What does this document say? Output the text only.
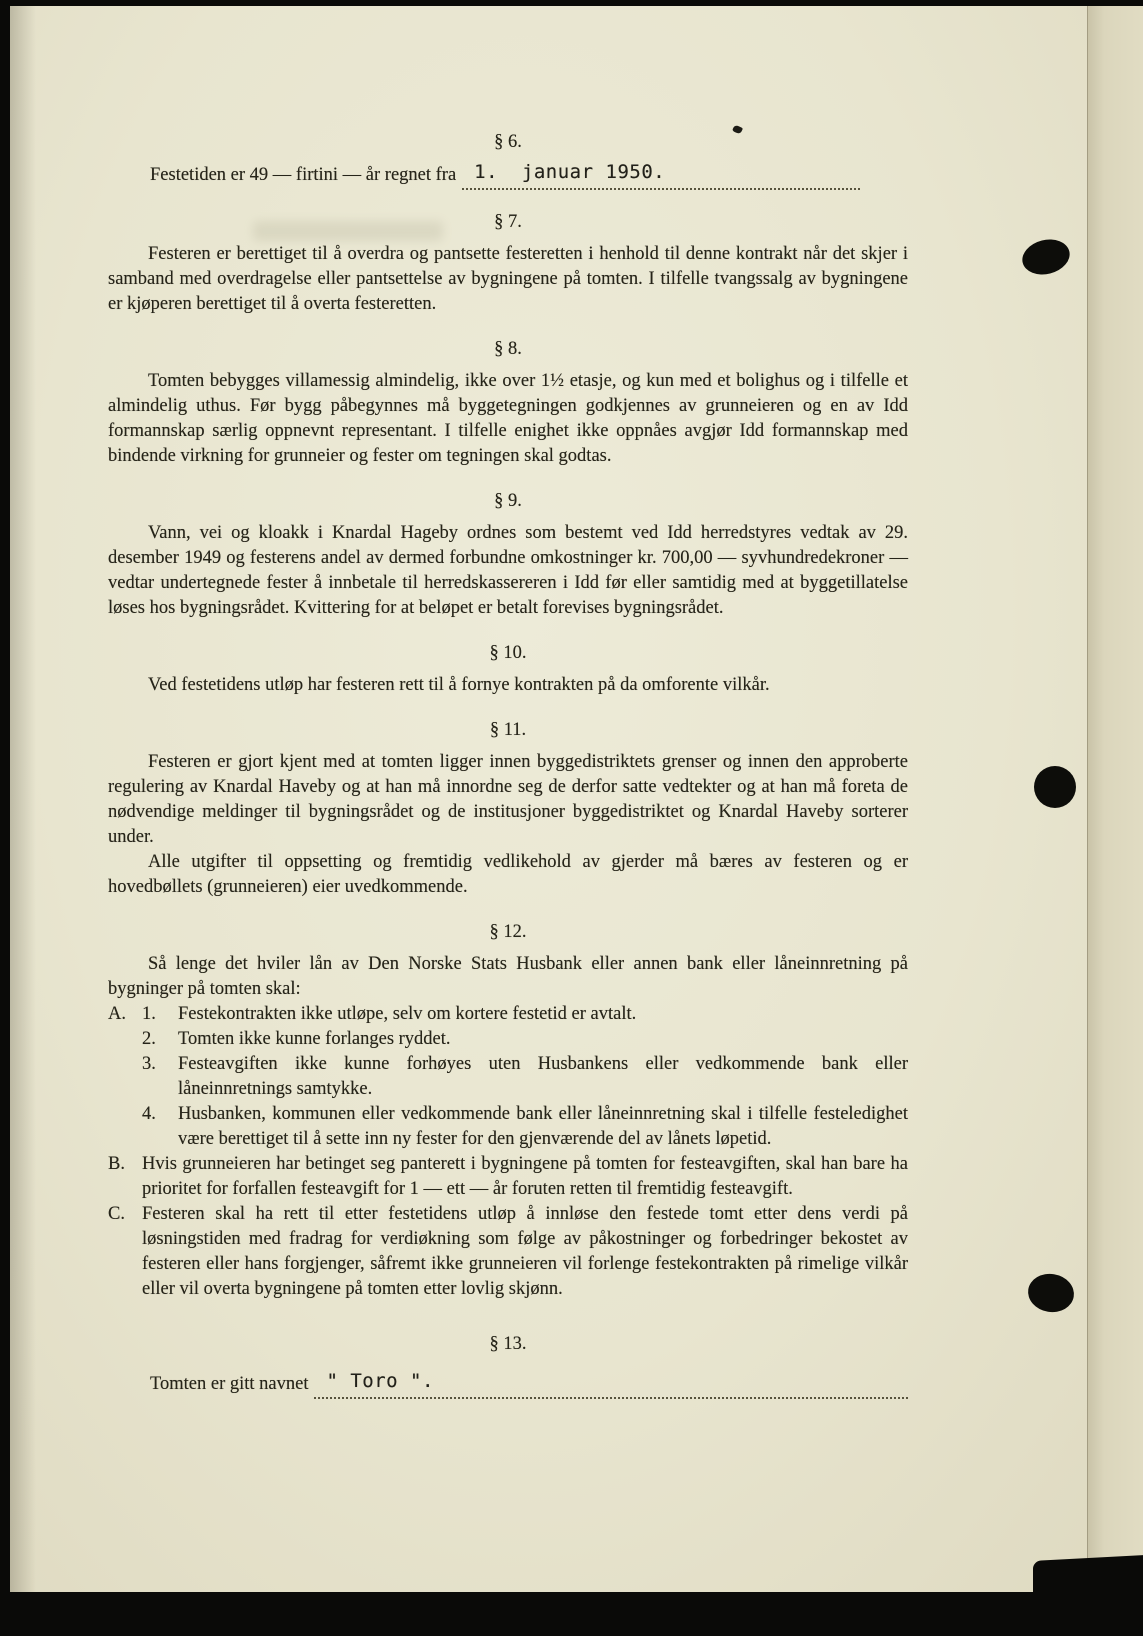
§ 6.
Festetiden er 49 — firtini — år regnet fra 1.  januar 1950.
§ 7.

Festeren er berettiget til å overdra og pantsette festeretten i henhold til denne kontrakt når det skjer i samband med overdragelse eller pantsettelse av bygningene på tomten. I tilfelle tvangssalg av bygningene er kjøperen berettiget til å overta festeretten.

§ 8.

Tomten bebygges villamessig almindelig, ikke over 1½ etasje, og kun med et bolighus og i tilfelle et almindelig uthus. Før bygg påbegynnes må byggetegningen godkjennes av grunneieren og en av Idd formannskap særlig oppnevnt representant. I tilfelle enighet ikke oppnåes avgjør Idd formannskap med bindende virkning for grunneier og fester om tegningen skal godtas.

§ 9.

Vann, vei og kloakk i Knardal Hageby ordnes som bestemt ved Idd herredstyres vedtak av 29. desember 1949 og festerens andel av dermed forbundne omkostninger kr. 700,00 — syvhundredekroner — vedtar undertegnede fester å innbetale til herredskassereren i Idd før eller samtidig med at byggetillatelse løses hos bygningsrådet. Kvittering for at beløpet er betalt forevises bygningsrådet.

§ 10.

Ved festetidens utløp har festeren rett til å fornye kontrakten på da omforente vilkår.

§ 11.

Festeren er gjort kjent med at tomten ligger innen byggedistriktets grenser og innen den approberte regulering av Knardal Haveby og at han må innordne seg de derfor satte vedtekter og at han må foreta de nødvendige meldinger til bygningsrådet og de institusjoner byggedistriktet og Knardal Haveby sorterer under.

Alle utgifter til oppsetting og fremtidig vedlikehold av gjerder må bæres av festeren og er hovedbøllets (grunneieren) eier uvedkommende.

§ 12.

Så lenge det hviler lån av Den Norske Stats Husbank eller annen bank eller låneinnretning på bygninger på tomten skal:

A. 1.	Festekontrakten ikke utløpe, selv om kortere festetid er avtalt.
2.	Tomten ikke kunne forlanges ryddet.
3.	Festeavgiften ikke kunne forhøyes uten Husbankens eller vedkommende bank eller låneinnretnings samtykke.
4.	Husbanken, kommunen eller vedkommende bank eller låneinnretning skal i tilfelle festeledighet være berettiget til å sette inn ny fester for den gjenværende del av lånets løpetid.
B. Hvis grunneieren har betinget seg panterett i bygningene på tomten for festeavgiften, skal han bare ha prioritet for forfallen festeavgift for 1 — ett — år foruten retten til fremtidig festeavgift.
C. Festeren skal ha rett til etter festetidens utløp å innløse den festede tomt etter dens verdi på løsningstiden med fradrag for verdiøkning som følge av påkostninger og forbedringer bekostet av festeren eller hans forgjenger, såfremt ikke grunneieren vil forlenge festekontrakten på rimelige vilkår eller vil overta bygningene på tomten etter lovlig skjønn.
§ 13.
Tomten er gitt navnet " Toro ".
